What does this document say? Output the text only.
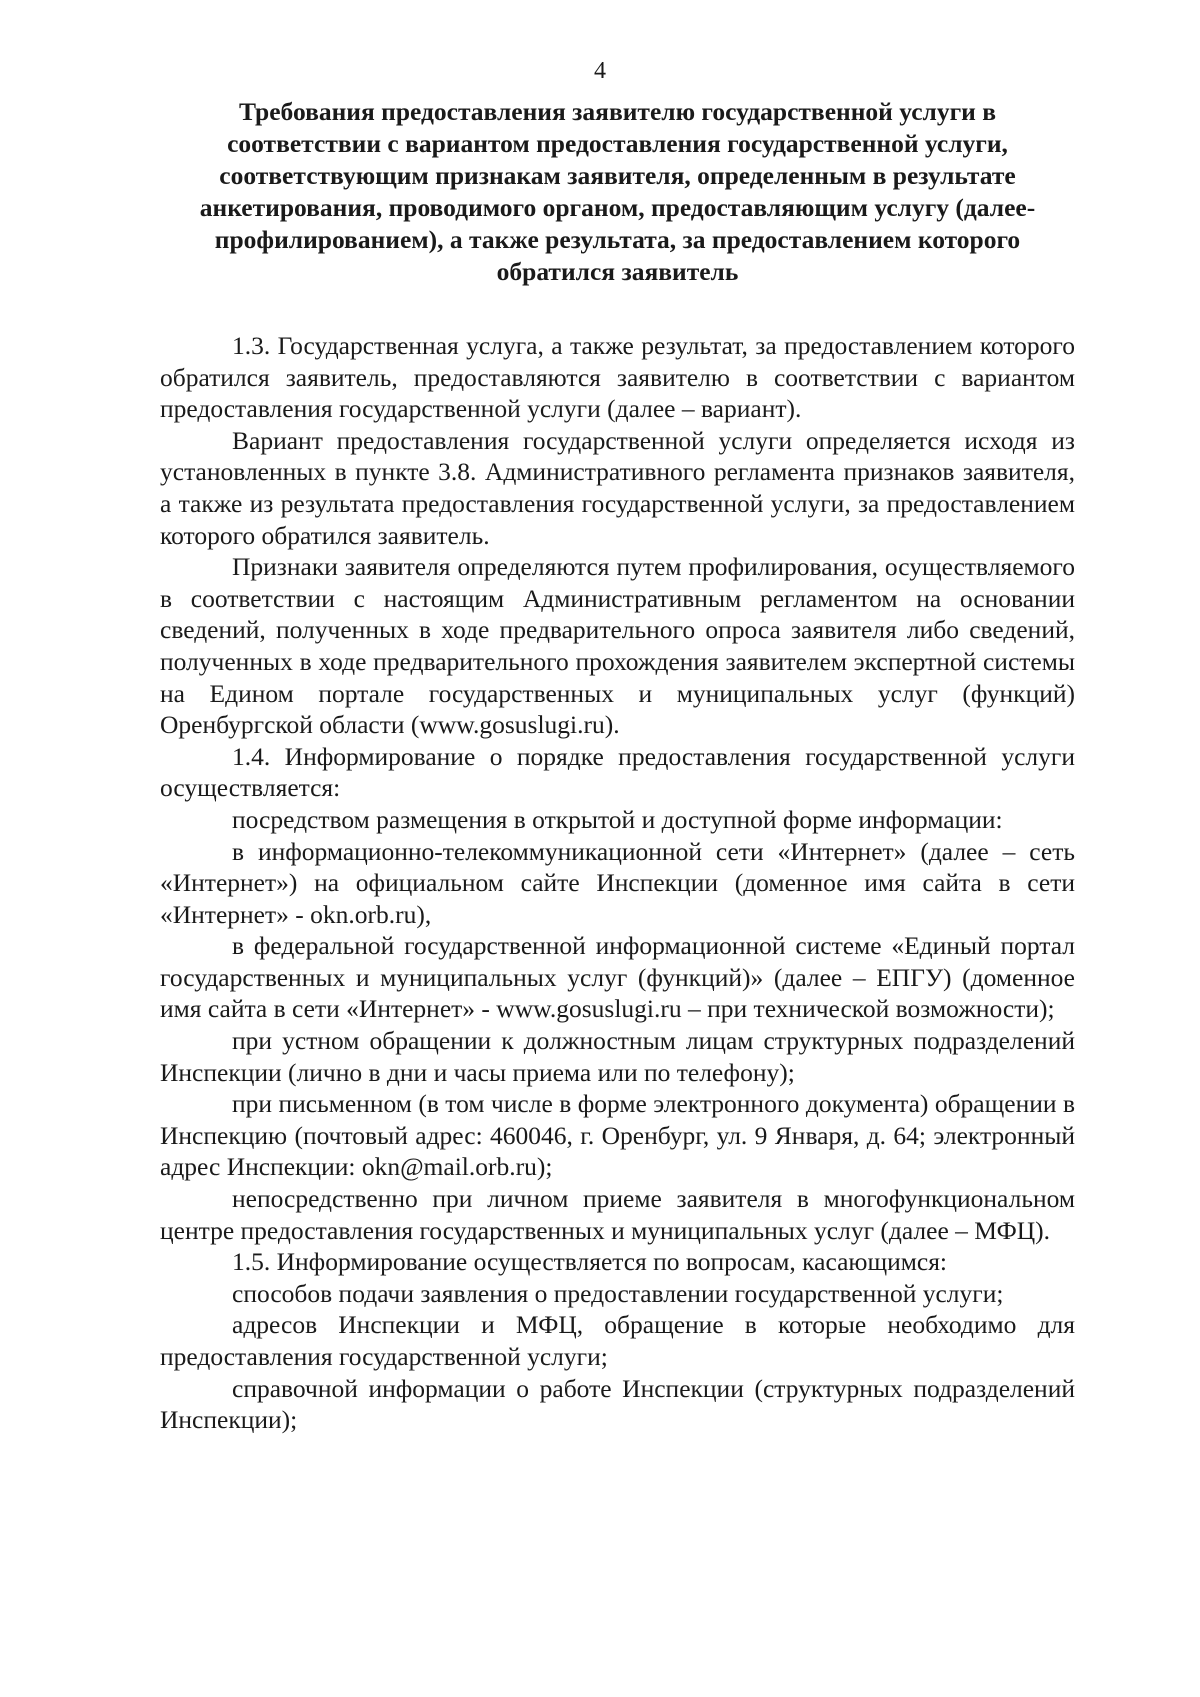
4
Требования предоставления заявителю государственной услуги в соответствии с вариантом предоставления государственной услуги, соответствующим признакам заявителя, определенным в результате анкетирования, проводимого органом, предоставляющим услугу (далее-профилированием), а также результата, за предоставлением которого обратился заявитель

1.3. Государственная услуга, а также результат, за предоставлением которого обратился заявитель, предоставляются заявителю в соответствии с вариантом предоставления государственной услуги (далее – вариант).

Вариант предоставления государственной услуги определяется исходя из установленных в пункте 3.8. Административного регламента признаков заявителя, а также из результата предоставления государственной услуги, за предоставлением которого обратился заявитель.

Признаки заявителя определяются путем профилирования, осуществляемого в соответствии с настоящим Административным регламентом на основании сведений, полученных в ходе предварительного опроса заявителя либо сведений, полученных в ходе предварительного прохождения заявителем экспертной системы на Едином портале государственных и муниципальных услуг (функций) Оренбургской области (www.gosuslugi.ru).

1.4. Информирование о порядке предоставления государственной услуги осуществляется:

посредством размещения в открытой и доступной форме информации:

в информационно-телекоммуникационной сети «Интернет» (далее – сеть «Интернет») на официальном сайте Инспекции (доменное имя сайта в сети «Интернет» - okn.orb.ru),

в федеральной государственной информационной системе «Единый портал государственных и муниципальных услуг (функций)» (далее – ЕПГУ) (доменное имя сайта в сети «Интернет» - www.gosuslugi.ru – при технической возможности);

при устном обращении к должностным лицам структурных подразделений Инспекции (лично в дни и часы приема или по телефону);

при письменном (в том числе в форме электронного документа) обращении в Инспекцию (почтовый адрес: 460046, г. Оренбург, ул. 9 Января, д. 64; электронный адрес Инспекции: okn@mail.orb.ru);

непосредственно при личном приеме заявителя в многофункциональном центре предоставления государственных и муниципальных услуг (далее – МФЦ).

1.5. Информирование осуществляется по вопросам, касающимся:

способов подачи заявления о предоставлении государственной услуги;

адресов Инспекции и МФЦ, обращение в которые необходимо для предоставления государственной услуги;

справочной информации о работе Инспекции (структурных подразделений Инспекции);
